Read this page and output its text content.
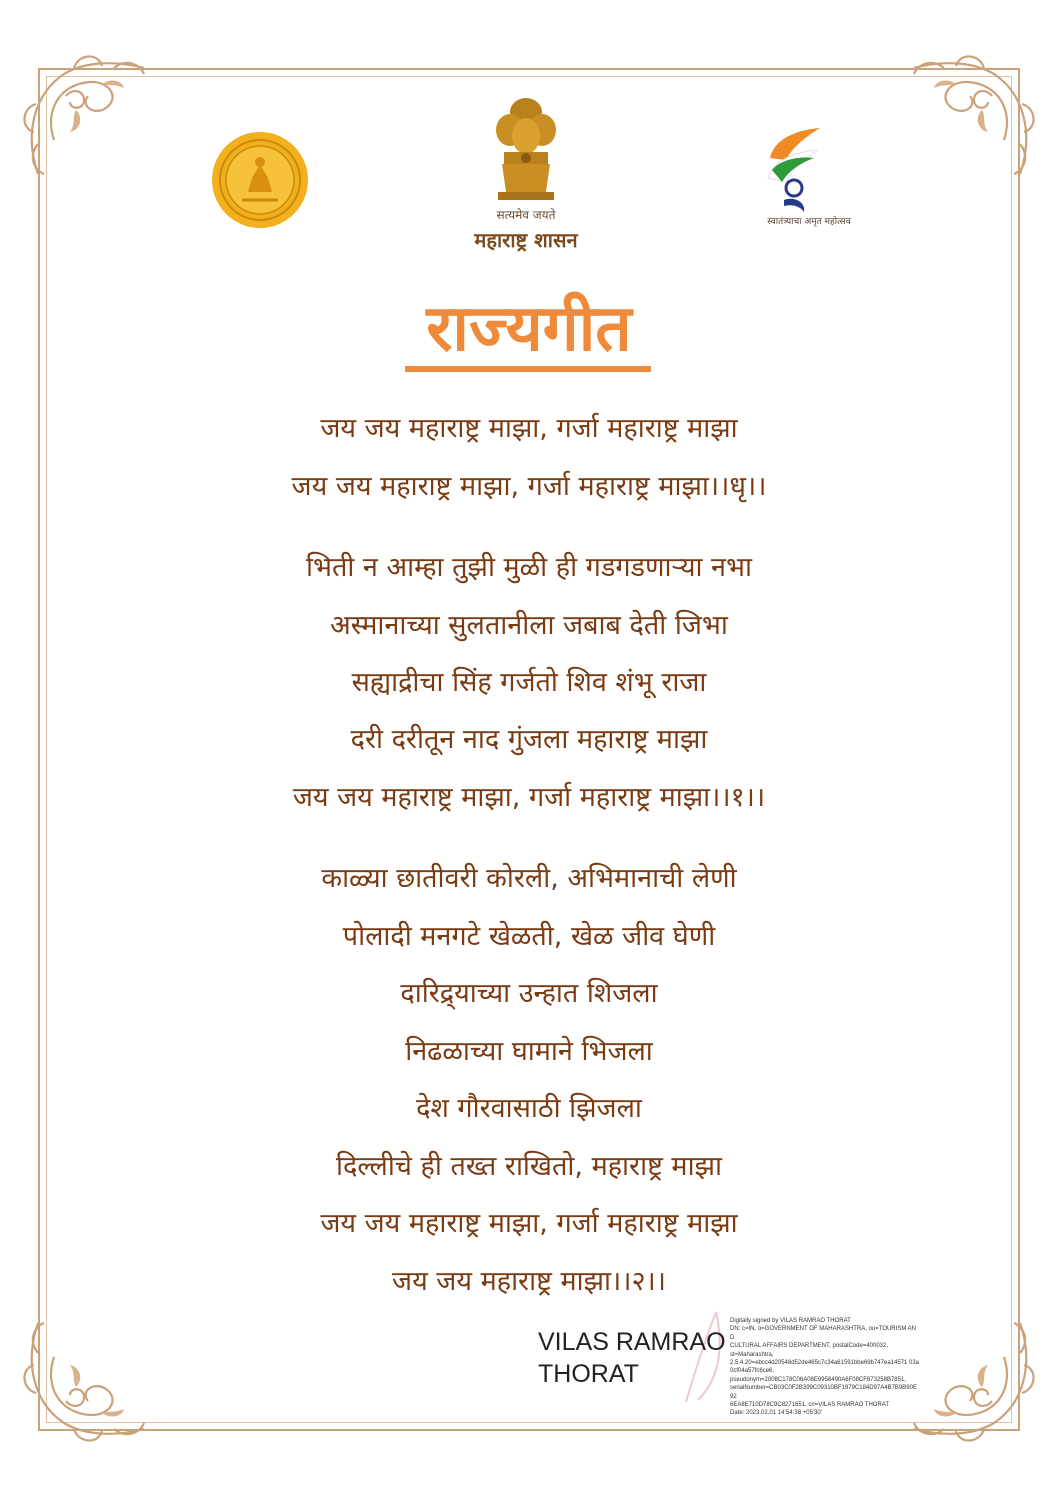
सत्यमेव जयते
महाराष्ट्र शासन
स्वातंत्र्याचा अमृत महोत्सव
राज्यगीत
जय जय महाराष्ट्र माझा, गर्जा महाराष्ट्र माझा
जय जय महाराष्ट्र माझा, गर्जा महाराष्ट्र माझा।।धृ।।
भिती न आम्हा तुझी मुळी ही गडगडणाऱ्या नभा
अस्मानाच्या सुलतानीला जबाब देती जिभा
सह्याद्रीचा सिंह गर्जतो शिव शंभू राजा
दरी दरीतून नाद गुंजला महाराष्ट्र माझा
जय जय महाराष्ट्र माझा, गर्जा महाराष्ट्र माझा।।१।।
काळ्या छातीवरी कोरली, अभिमानाची लेणी
पोलादी मनगटे खेळती, खेळ जीव घेणी
दारिद्र्याच्या उन्हात शिजला
निढळाच्या घामाने भिजला
देश गौरवासाठी झिजला
दिल्लीचे ही तख्त राखितो, महाराष्ट्र माझा
जय जय महाराष्ट्र माझा, गर्जा महाराष्ट्र माझा
जय जय महाराष्ट्र माझा।।२।।
VILAS RAMRAO
THORAT
Digitally signed by VILAS RAMRAO THORAT
DN: c=IN, o=GOVERNMENT OF MAHARASHTRA, ou=TOURISM AND
CULTURAL AFFAIRS DEPARTMENT, postalCode=400032,
st=Maharashtra,
2.5.4.20=ebcc4d20548d52de465c7c34a61591bbe69b747ea14571 03a
0cf04a57fc6ce6,
pseudonym=2008C178C06A08E9958490A6F08CF873258B7851,
serialNumber=CB03C0F2B399C09310BF1979C184D97A4B7B9B90E92
6EA8E710D78C9C8271651, cn=VILAS RAMRAO THORAT
Date: 2023.02.01 14:54:38 +05'30'
